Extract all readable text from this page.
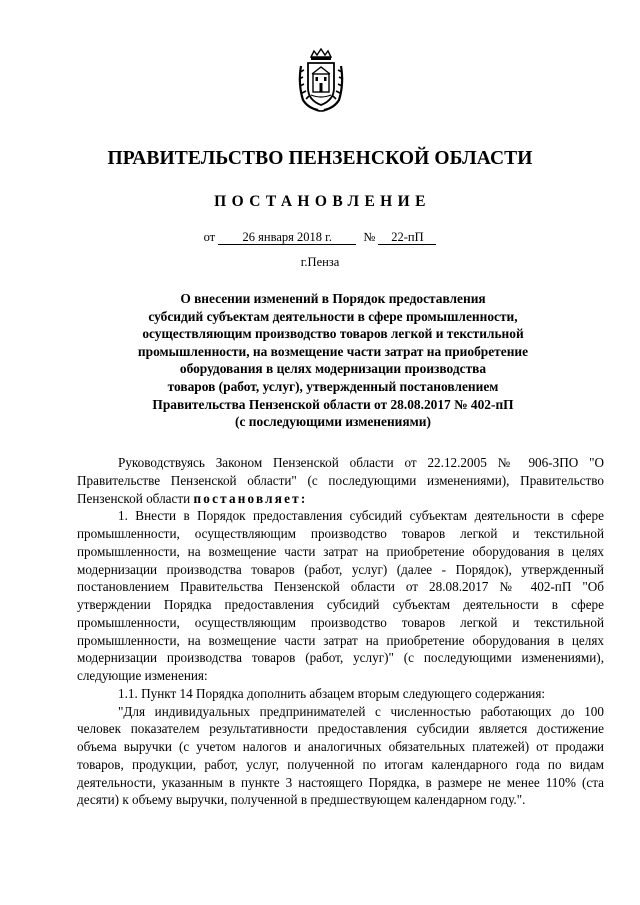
ПРАВИТЕЛЬСТВО ПЕНЗЕНСКОЙ ОБЛАСТИ
ПОСТАНОВЛЕНИЕ
от 26 января 2018 г.	№ 22-пП
г.Пенза
О внесении изменений в Порядок предоставления
субсидий субъектам деятельности в сфере промышленности,
осуществляющим производство товаров легкой и текстильной
промышленности, на возмещение части затрат на приобретение
оборудования в целях модернизации производства
товаров (работ, услуг), утвержденный постановлением
Правительства Пензенской области от 28.08.2017 № 402-пП
(с последующими изменениями)

Руководствуясь Законом Пензенской области от 22.12.2005 № 906-ЗПО "О Правительстве Пензенской области" (с последующими изменениями), Правительство Пензенской области постановляет:

1. Внести в Порядок предоставления субсидий субъектам деятельности в сфере промышленности, осуществляющим производство товаров легкой и текстильной промышленности, на возмещение части затрат на приобретение оборудования в целях модернизации производства товаров (работ, услуг) (далее - Порядок), утвержденный постановлением Правительства Пензенской области от 28.08.2017 № 402-пП "Об утверждении Порядка предоставления субсидий субъектам деятельности в сфере промышленности, осуществляющим производство товаров легкой и текстильной промышленности, на возмещение части затрат на приобретение оборудования в целях модернизации производства товаров (работ, услуг)" (с последующими изменениями), следующие изменения:

1.1. Пункт 14 Порядка дополнить абзацем вторым следующего содержания:

"Для индивидуальных предпринимателей с численностью работающих до 100 человек показателем результативности предоставления субсидии является достижение объема выручки (с учетом налогов и аналогичных обязательных платежей) от продажи товаров, продукции, работ, услуг, полученной по итогам календарного года по видам деятельности, указанным в пункте 3 настоящего Порядка, в размере не менее 110% (ста десяти) к объему выручки, полученной в предшествующем календарном году.".
